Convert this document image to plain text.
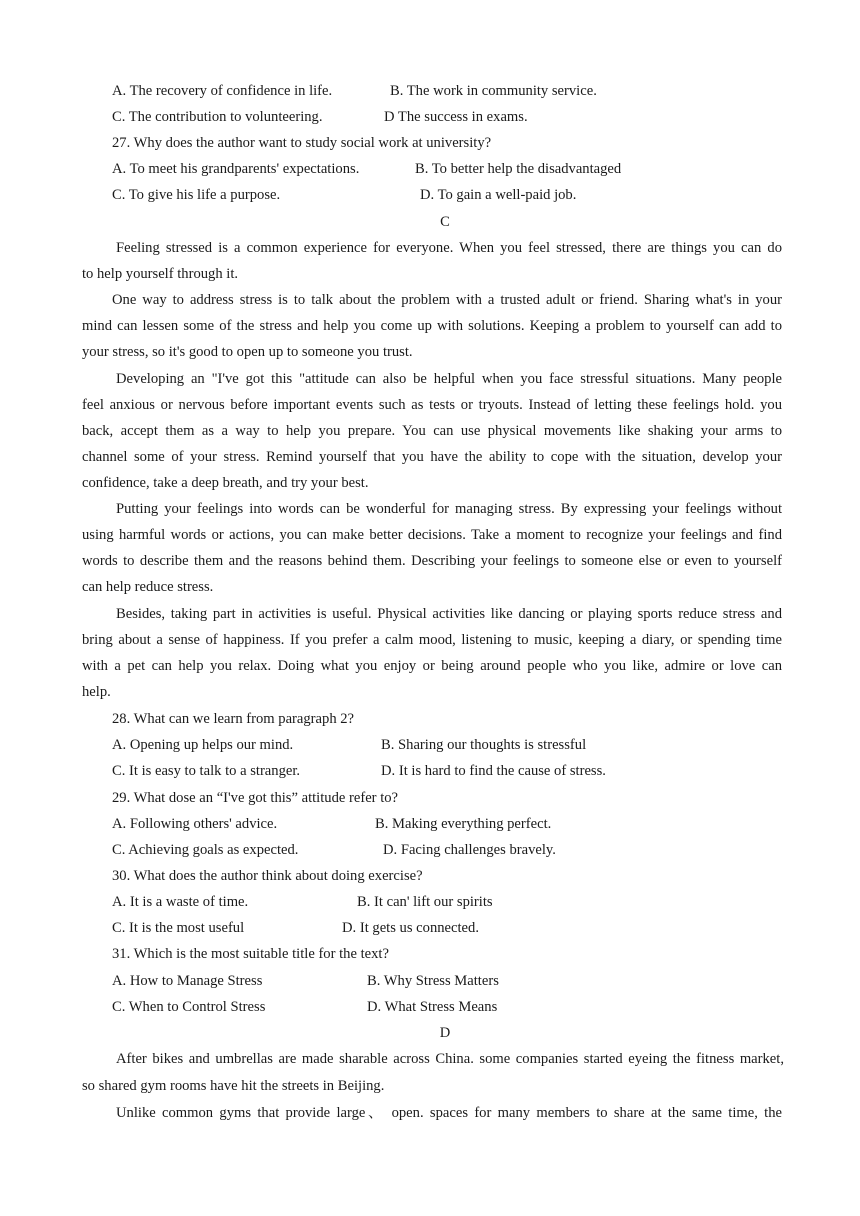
A. The recovery of confidence in life.	B. The work in community service.
C. The contribution to volunteering.	D The success in exams.
27. Why does the author want to study social work at university?
A. To meet his grandparents' expectations.	B. To better help the disadvantaged
C. To give his life a purpose.	D. To gain a well-paid job.
C
Feeling stressed is a common experience for everyone. When you feel stressed, there are things you can do
to help yourself through it.
One way to address stress is to talk about the problem with a trusted adult or friend. Sharing what's in your
mind can lessen some of the stress and help you come up with solutions. Keeping a problem to yourself can add to
your stress, so it's good to open up to someone you trust.
Developing an "I've got this "attitude can also be helpful when you face stressful situations. Many people
feel anxious or nervous before important events such as tests or tryouts. Instead of letting these feelings hold. you
back, accept them as a way to help you prepare. You can use physical movements like shaking your arms to
channel some of your stress. Remind yourself that you have the ability to cope with the situation, develop your
confidence, take a deep breath, and try your best.
Putting your feelings into words can be wonderful for managing stress. By expressing your feelings without
using harmful words or actions, you can make better decisions. Take a moment to recognize your feelings and find
words to describe them and the reasons behind them. Describing your feelings to someone else or even to yourself
can help reduce stress.
Besides, taking part in activities is useful. Physical activities like dancing or playing sports reduce stress and
bring about a sense of happiness. If you prefer a calm mood, listening to music, keeping a diary, or spending time
with a pet can help you relax. Doing what you enjoy or being around people who you like, admire or love can
help.
28. What can we learn from paragraph 2?
A. Opening up helps our mind.	B. Sharing our thoughts is stressful
C. It is easy to talk to a stranger.	D. It is hard to find the cause of stress.
29. What dose an “I've got this” attitude refer to?
A. Following others' advice.	B. Making everything perfect.
C. Achieving goals as expected.	D. Facing challenges bravely.
30. What does the author think about doing exercise?
A. It is a waste of time.	B. It can' lift our spirits
C. It is the most useful	D. It gets us connected.
31. Which is the most suitable title for the text?
A. How to Manage Stress	B. Why Stress Matters
C. When to Control Stress	D. What Stress Means
D
After bikes and umbrellas are made sharable across China. some companies started eyeing the fitness market,
so shared gym rooms have hit the streets in Beijing.
Unlike common gyms that provide large、 open. spaces for many members to share at the same time, the
